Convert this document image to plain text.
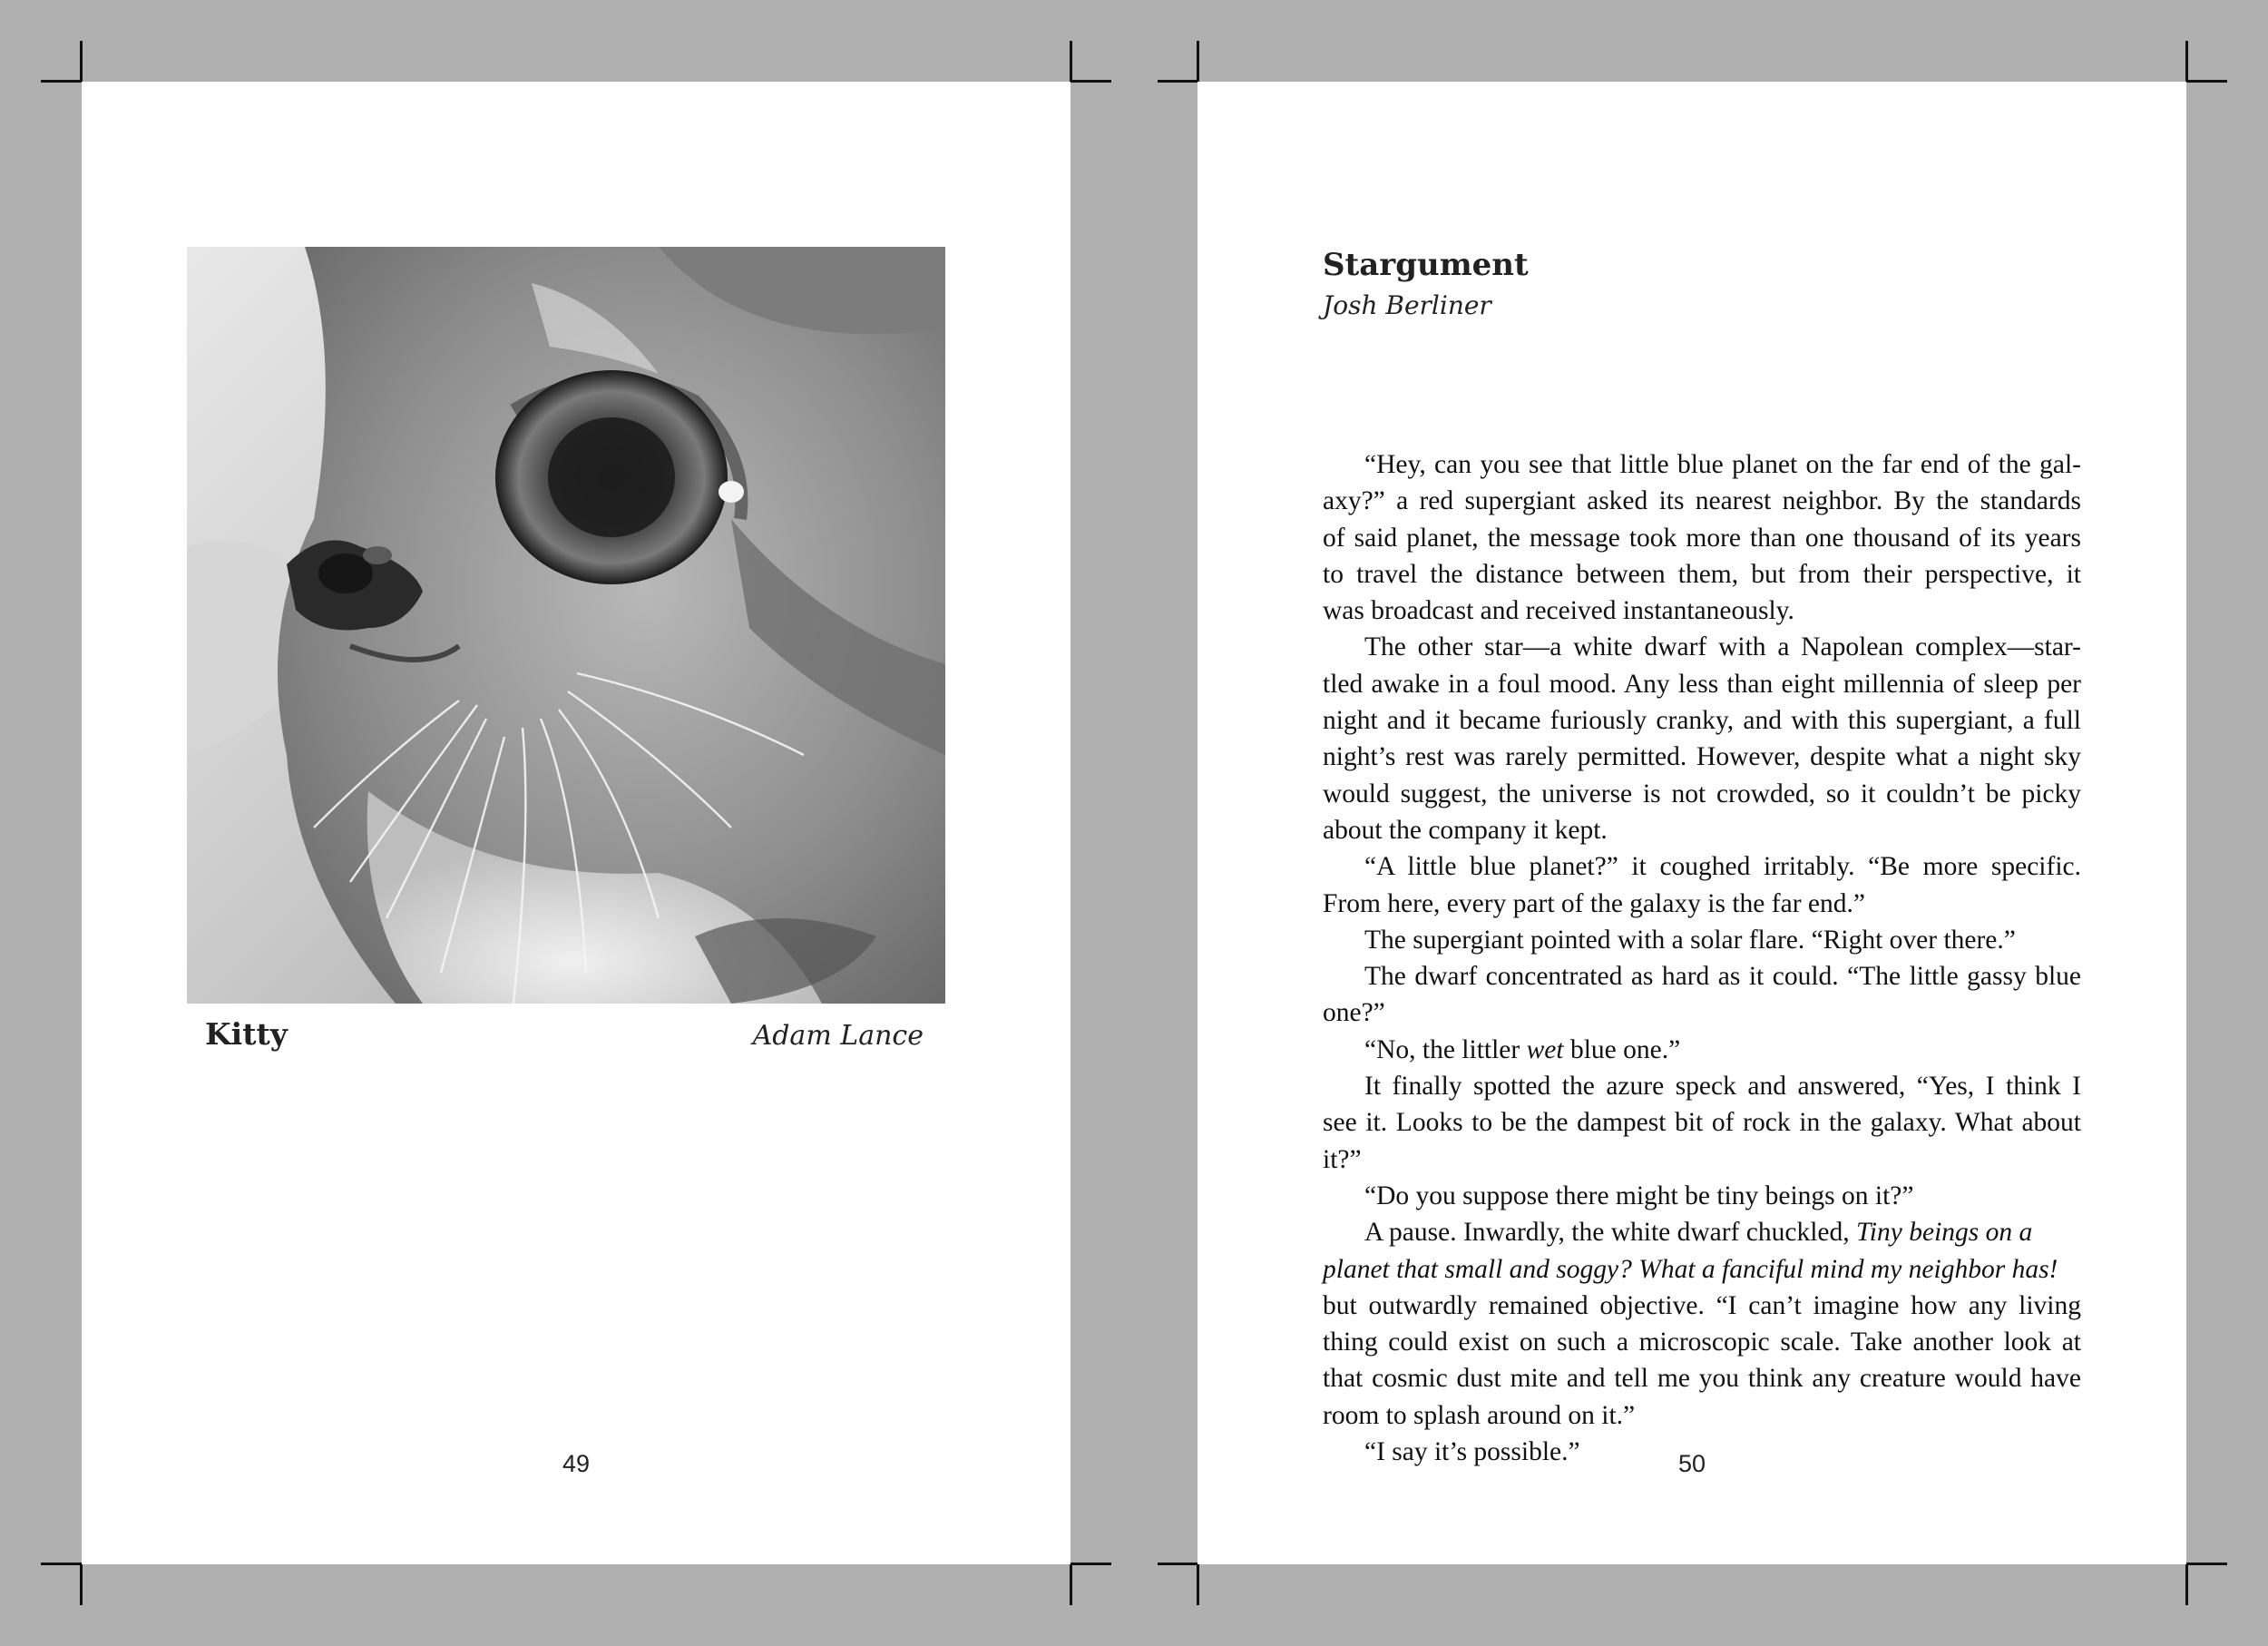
Kitty	Adam Lance
49
Stargument
Josh Berliner
“Hey, can you see that little blue planet on the far end of the gal-
axy?” a red supergiant asked its nearest neighbor. By the standards
of said planet, the message took more than one thousand of its years
to travel the distance between them, but from their perspective, it
was broadcast and received instantaneously.
The other star—a white dwarf with a Napolean complex—star-
tled awake in a foul mood. Any less than eight millennia of sleep per
night and it became furiously cranky, and with this supergiant, a full
night’s rest was rarely permitted. However, despite what a night sky
would suggest, the universe is not crowded, so it couldn’t be picky
about the company it kept.
“A little blue planet?” it coughed irritably. “Be more specific.
From here, every part of the galaxy is the far end.”
The supergiant pointed with a solar flare. “Right over there.”
The dwarf concentrated as hard as it could. “The little gassy blue
one?”
“No, the littler wet blue one.”
It finally spotted the azure speck and answered, “Yes, I think I
see it. Looks to be the dampest bit of rock in the galaxy. What about
it?”
“Do you suppose there might be tiny beings on it?”
A pause. Inwardly, the white dwarf chuckled, Tiny beings on a
planet that small and soggy? What a fanciful mind my neighbor has!
but outwardly remained objective. “I can’t imagine how any living
thing could exist on such a microscopic scale. Take another look at
that cosmic dust mite and tell me you think any creature would have
room to splash around on it.”
“I say it’s possible.”	50
